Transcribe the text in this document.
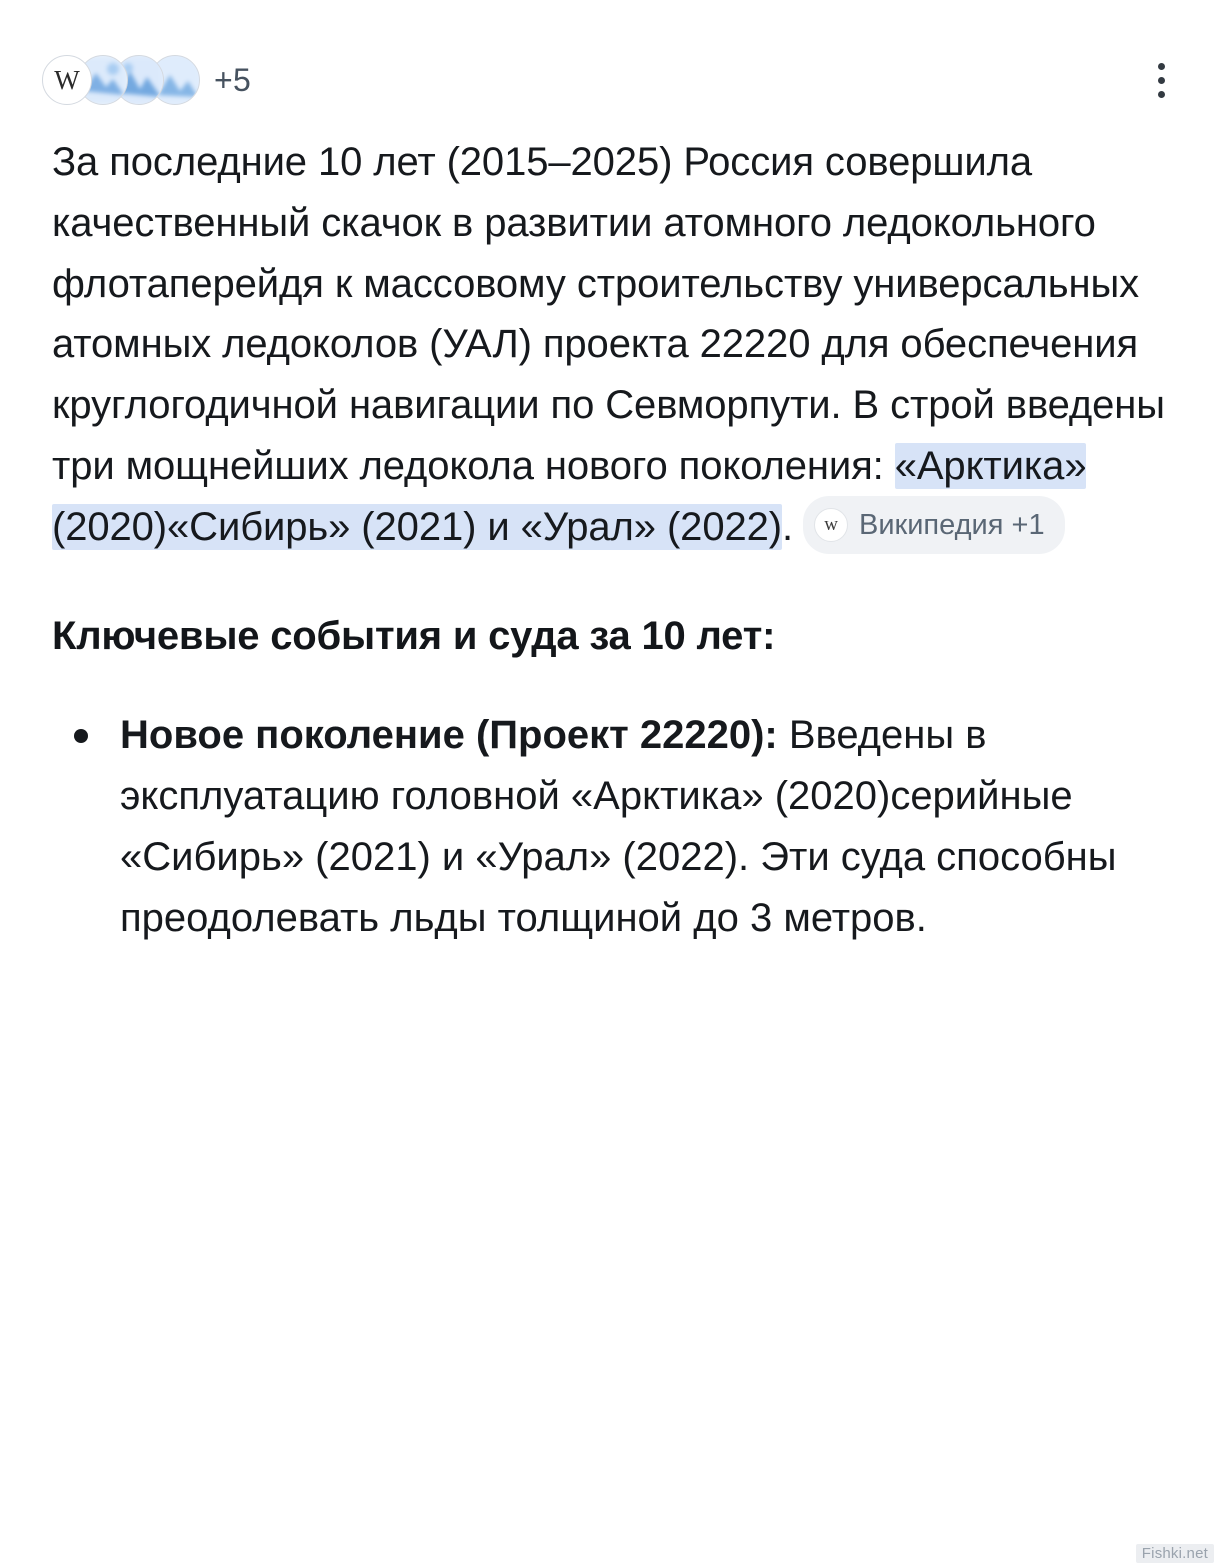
W	+5

За последние 10 лет (2015–2025) Россия совершила качественный скачок в развитии атомного ледокольного флотаперейдя к массовому строительству универсальных атомных ледоколов (УАЛ) проекта 22220 для обеспечения круглогодичной навигации по Севморпути. В строй введены три мощнейших ледокола нового поколения: «Арктика» (2020)«Сибирь» (2021) и «Урал» (2022).	w Википедия +1

Ключевые события и суда за 10 лет:
Новое поколение (Проект 22220): Введены в эксплуатацию головной «Арктика» (2020)серийные «Сибирь» (2021) и «Урал» (2022). Эти суда способны преодолевать льды толщиной до 3 метров.
Fishki.net
